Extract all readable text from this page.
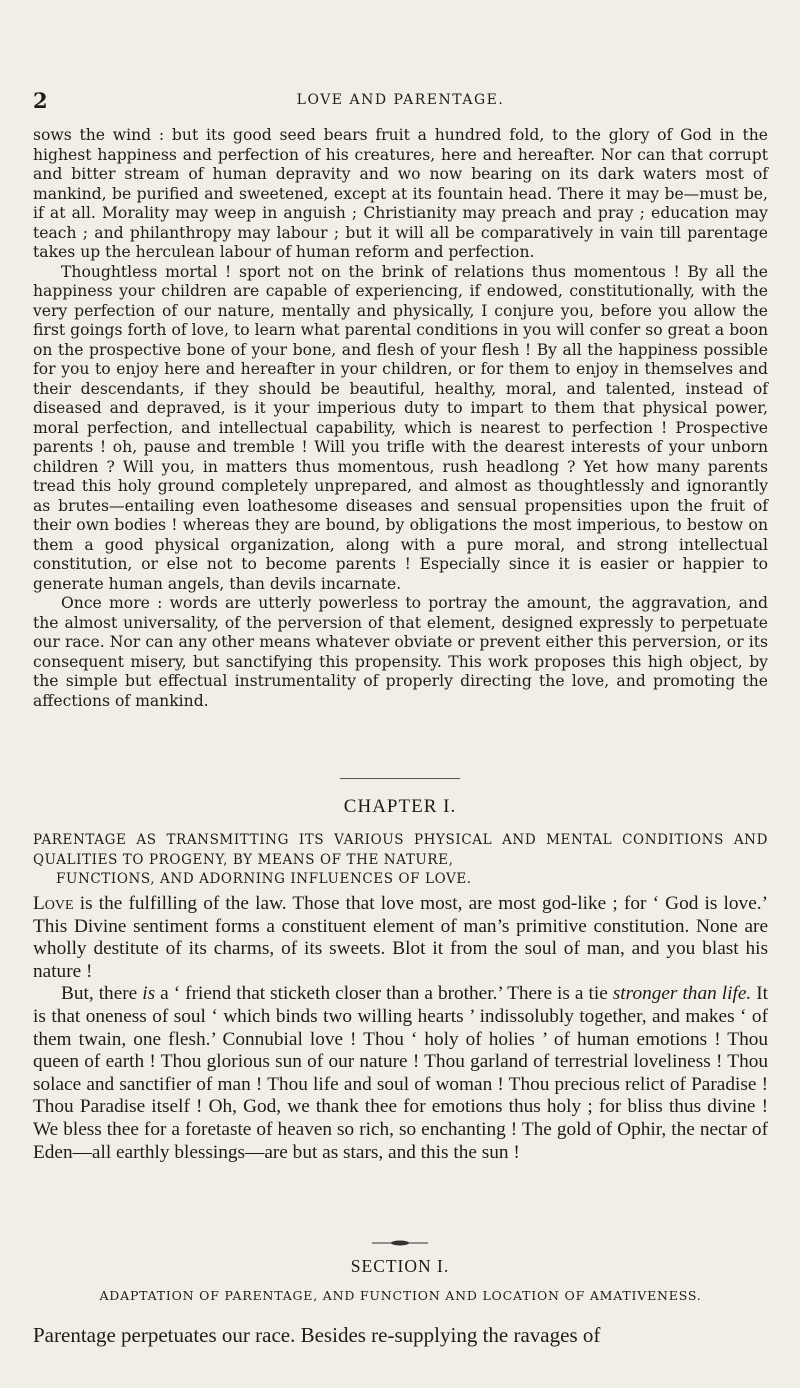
2	LOVE AND PARENTAGE.

sows the wind : but its good seed bears fruit a hundred fold, to the glory of God in the highest happiness and perfection of his creatures, here and hereafter. Nor can that corrupt and bitter stream of human depravity and wo now bearing on its dark waters most of mankind, be purified and sweetened, except at its fountain head. There it may be—must be, if at all. Morality may weep in anguish ; Christianity may preach and pray ; education may teach ; and philanthropy may labour ; but it will all be comparatively in vain till parentage takes up the herculean labour of human reform and perfection.

Thoughtless mortal ! sport not on the brink of relations thus momentous ! By all the happiness your children are capable of experiencing, if endowed, constitutionally, with the very perfection of our nature, mentally and physically, I conjure you, before you allow the first goings forth of love, to learn what parental conditions in you will confer so great a boon on the prospective bone of your bone, and flesh of your flesh ! By all the happiness possible for you to enjoy here and hereafter in your children, or for them to enjoy in themselves and their descendants, if they should be beautiful, healthy, moral, and talented, instead of diseased and depraved, is it your imperious duty to impart to them that physical power, moral perfection, and intellectual capability, which is nearest to perfection ! Prospective parents ! oh, pause and tremble ! Will you trifle with the dearest interests of your unborn children ? Will you, in matters thus momentous, rush headlong ? Yet how many parents tread this holy ground completely unprepared, and almost as thoughtlessly and ignorantly as brutes—entailing even loathesome diseases and sensual propensities upon the fruit of their own bodies ! whereas they are bound, by obligations the most imperious, to bestow on them a good physical organization, along with a pure moral, and strong intellectual constitution, or else not to become parents ! Especially since it is easier or happier to generate human angels, than devils incarnate.

Once more : words are utterly powerless to portray the amount, the aggravation, and the almost universality, of the perversion of that element, designed expressly to perpetuate our race. Nor can any other means whatever obviate or prevent either this perversion, or its consequent misery, but sanctifying this propensity. This work proposes this high object, by the simple but effectual instrumentality of properly directing the love, and promoting the affections of mankind.

CHAPTER I.
PARENTAGE AS TRANSMITTING ITS VARIOUS PHYSICAL AND MENTAL CONDITIONS AND QUALITIES TO PROGENY, BY MEANS OF THE NATURE,
FUNCTIONS, AND ADORNING INFLUENCES OF LOVE.

Love is the fulfilling of the law. Those that love most, are most god-like ; for ‘ God is love.’ This Divine sentiment forms a constituent element of man’s primitive constitution. None are wholly destitute of its charms, of its sweets. Blot it from the soul of man, and you blast his nature !

But, there is a ‘ friend that sticketh closer than a brother.’ There is a tie stronger than life. It is that oneness of soul ‘ which binds two willing hearts ’ indissolubly together, and makes ‘ of them twain, one flesh.’ Connubial love ! Thou ‘ holy of holies ’ of human emotions ! Thou queen of earth ! Thou glorious sun of our nature ! Thou garland of terrestrial loveliness ! Thou solace and sanctifier of man ! Thou life and soul of woman ! Thou precious relict of Paradise ! Thou Paradise itself ! Oh, God, we thank thee for emotions thus holy ; for bliss thus divine ! We bless thee for a foretaste of heaven so rich, so enchanting ! The gold of Ophir, the nectar of Eden—all earthly blessings—are but as stars, and this the sun !

SECTION I.
ADAPTATION OF PARENTAGE, AND FUNCTION AND LOCATION OF AMATIVENESS.
Parentage perpetuates our race. Besides re-supplying the ravages of
